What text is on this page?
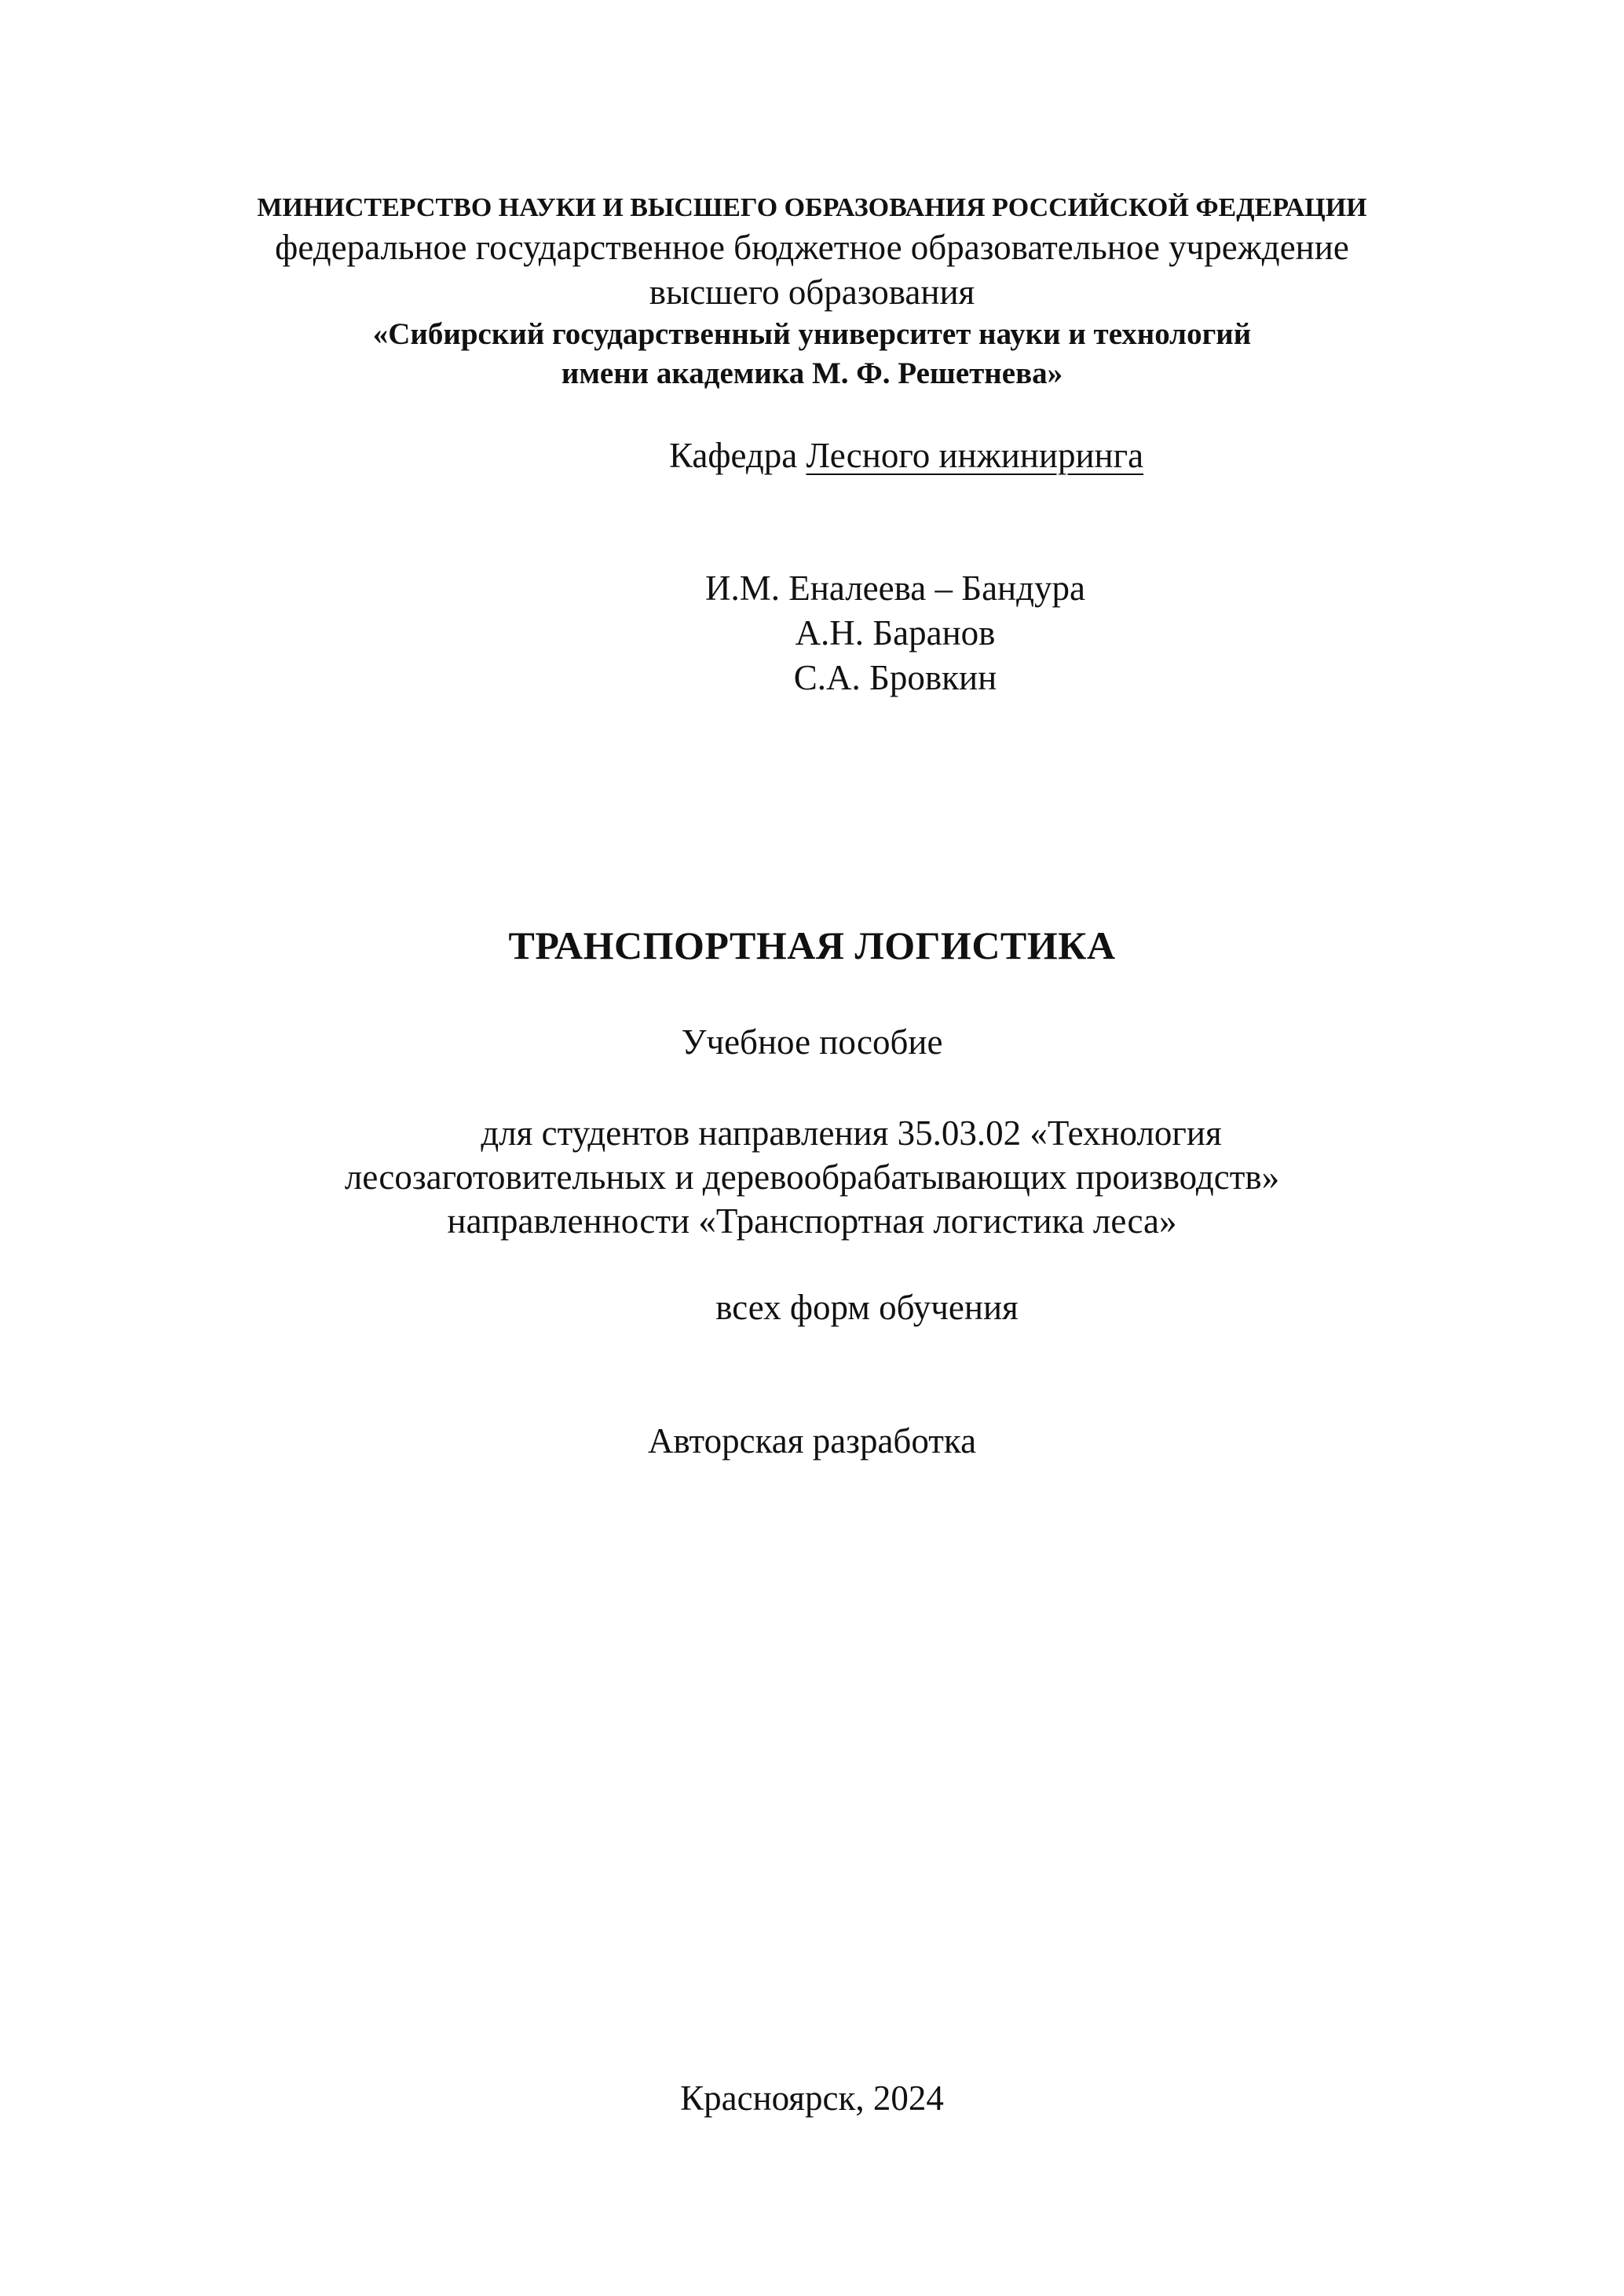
МИНИСТЕРСТВО НАУКИ И ВЫСШЕГО ОБРАЗОВАНИЯ РОССИЙСКОЙ ФЕДЕРАЦИИ
федеральное государственное бюджетное образовательное учреждение
высшего образования
«Сибирский государственный университет науки и технологий
имени академика М. Ф. Решетнева»
Кафедра Лесного инжиниринга
И.М. Еналеева – Бандура
А.Н. Баранов
С.А. Бровкин
ТРАНСПОРТНАЯ ЛОГИСТИКА
Учебное пособие
для студентов направления 35.03.02 «Технология
лесозаготовительных и деревообрабатывающих производств»
направленности «Транспортная логистика леса»
всех форм обучения
Авторская разработка
Красноярск, 2024
